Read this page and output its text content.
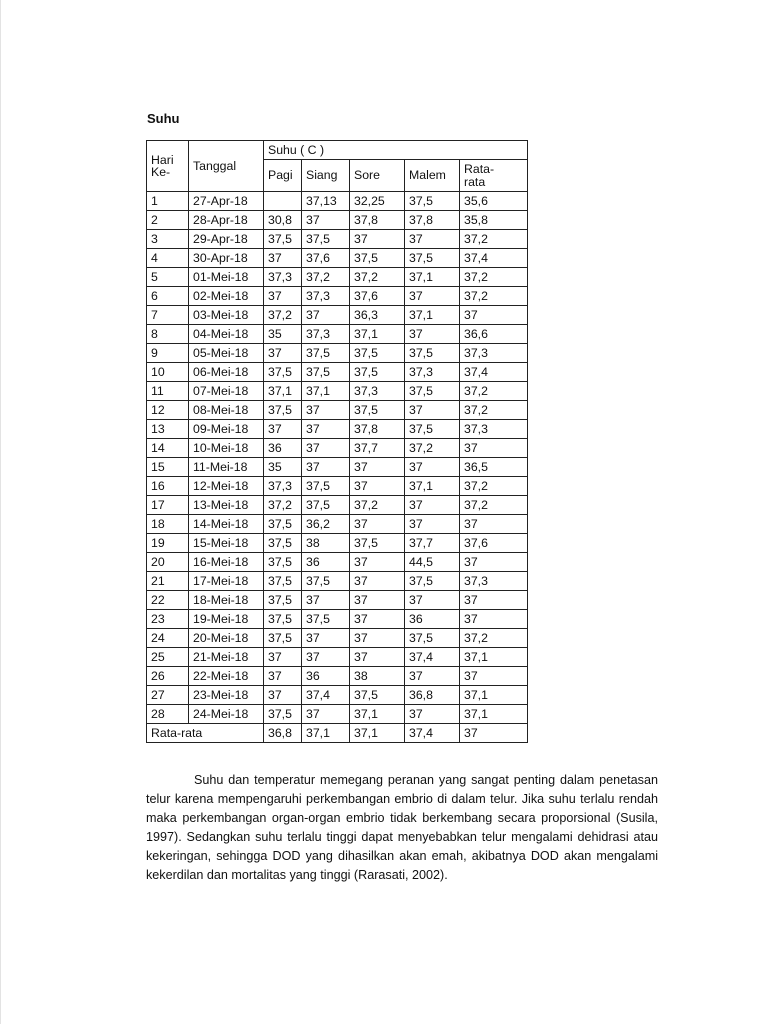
Suhu
Hari
Ke-	Tanggal	Suhu ( C )				
		Pagi	Siang	Sore	Malem	Rata-
rata
1	27-Apr-18		37,13	32,25	37,5	35,6
2	28-Apr-18	30,8	37	37,8	37,8	35,8
3	29-Apr-18	37,5	37,5	37	37	37,2
4	30-Apr-18	37	37,6	37,5	37,5	37,4
5	01-Mei-18	37,3	37,2	37,2	37,1	37,2
6	02-Mei-18	37	37,3	37,6	37	37,2
7	03-Mei-18	37,2	37	36,3	37,1	37
8	04-Mei-18	35	37,3	37,1	37	36,6
9	05-Mei-18	37	37,5	37,5	37,5	37,3
10	06-Mei-18	37,5	37,5	37,5	37,3	37,4
11	07-Mei-18	37,1	37,1	37,3	37,5	37,2
12	08-Mei-18	37,5	37	37,5	37	37,2
13	09-Mei-18	37	37	37,8	37,5	37,3
14	10-Mei-18	36	37	37,7	37,2	37
15	11-Mei-18	35	37	37	37	36,5
16	12-Mei-18	37,3	37,5	37	37,1	37,2
17	13-Mei-18	37,2	37,5	37,2	37	37,2
18	14-Mei-18	37,5	36,2	37	37	37
19	15-Mei-18	37,5	38	37,5	37,7	37,6
20	16-Mei-18	37,5	36	37	44,5	37
21	17-Mei-18	37,5	37,5	37	37,5	37,3
22	18-Mei-18	37,5	37	37	37	37
23	19-Mei-18	37,5	37,5	37	36	37
24	20-Mei-18	37,5	37	37	37,5	37,2
25	21-Mei-18	37	37	37	37,4	37,1
26	22-Mei-18	37	36	38	37	37
27	23-Mei-18	37	37,4	37,5	36,8	37,1
28	24-Mei-18	37,5	37	37,1	37	37,1
Rata-rata		36,8	37,1	37,1	37,4	37

Suhu dan temperatur memegang peranan yang sangat penting dalam penetasan telur karena mempengaruhi perkembangan embrio di dalam telur. Jika suhu terlalu rendah maka perkembangan organ-organ embrio tidak berkembang secara proporsional (Susila, 1997). Sedangkan suhu terlalu tinggi dapat menyebabkan telur mengalami dehidrasi atau kekeringan, sehingga DOD yang dihasilkan akan emah, akibatnya DOD akan mengalami kekerdilan dan mortalitas yang tinggi (Rarasati, 2002).
